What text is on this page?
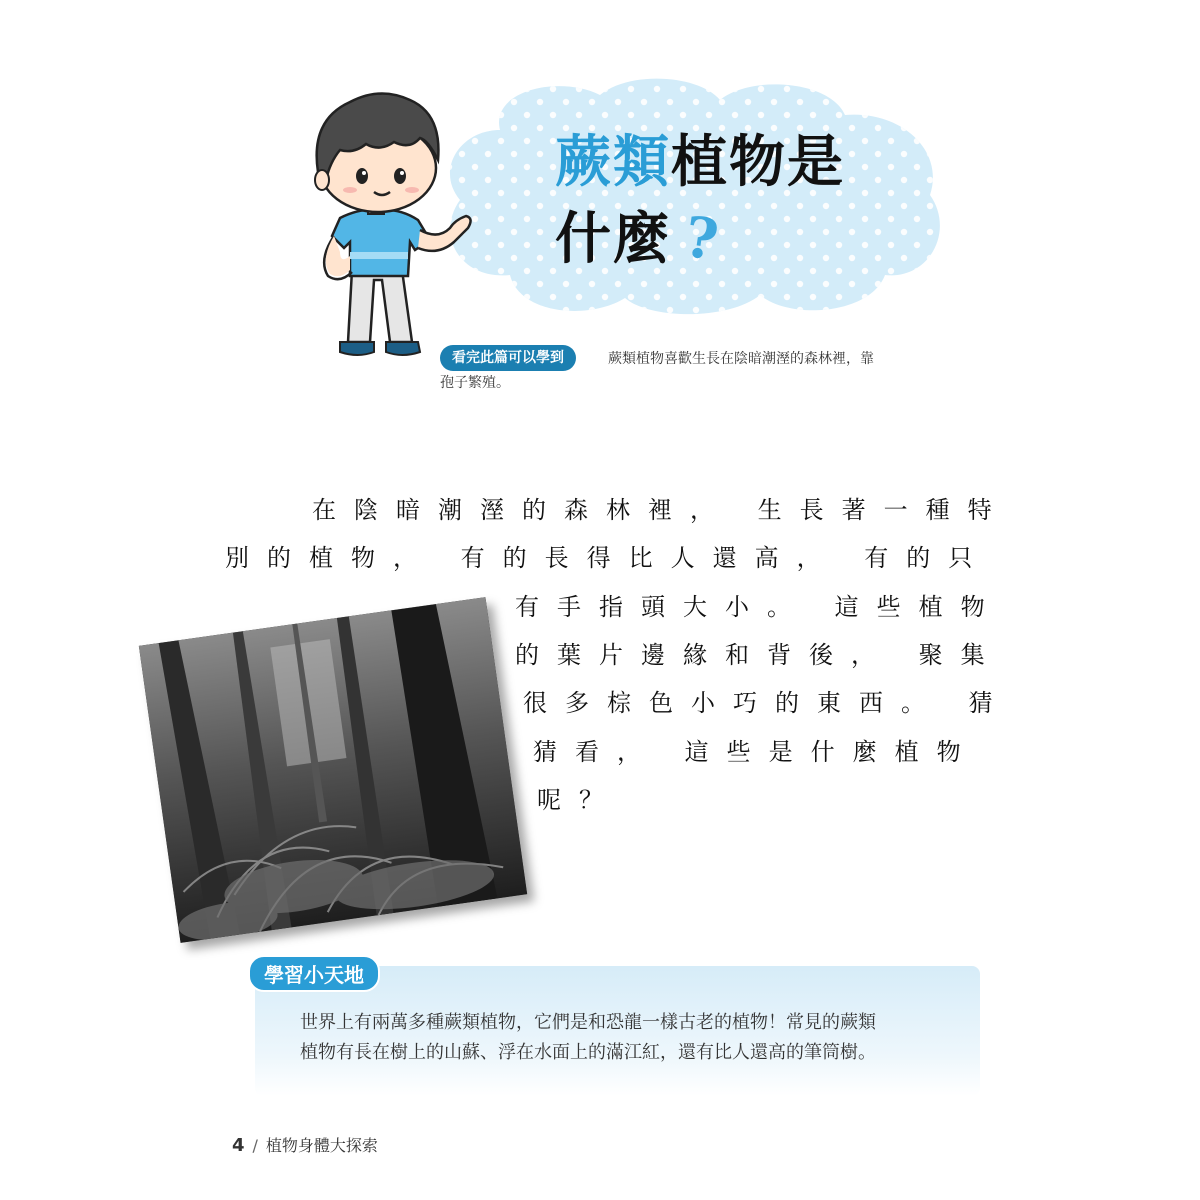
蕨類植物是
什麼 ?
看完此篇可以學到	蕨類植物喜歡生長在陰暗潮溼的森林裡，靠
孢子繁殖。
在陰暗潮溼的森林裡， 生長著一種特
別的植物， 有的長得比人還高， 有的只
有手指頭大小。 這些植物
的葉片邊緣和背後， 聚集
很多棕色小巧的東西。 猜
猜看， 這些是什麼植物
呢？
學習小天地
世界上有兩萬多種蕨類植物，它們是和恐龍一樣古老的植物！常見的蕨類
植物有長在樹上的山蘇、浮在水面上的滿江紅，還有比人還高的筆筒樹。
4 / 植物身體大探索
